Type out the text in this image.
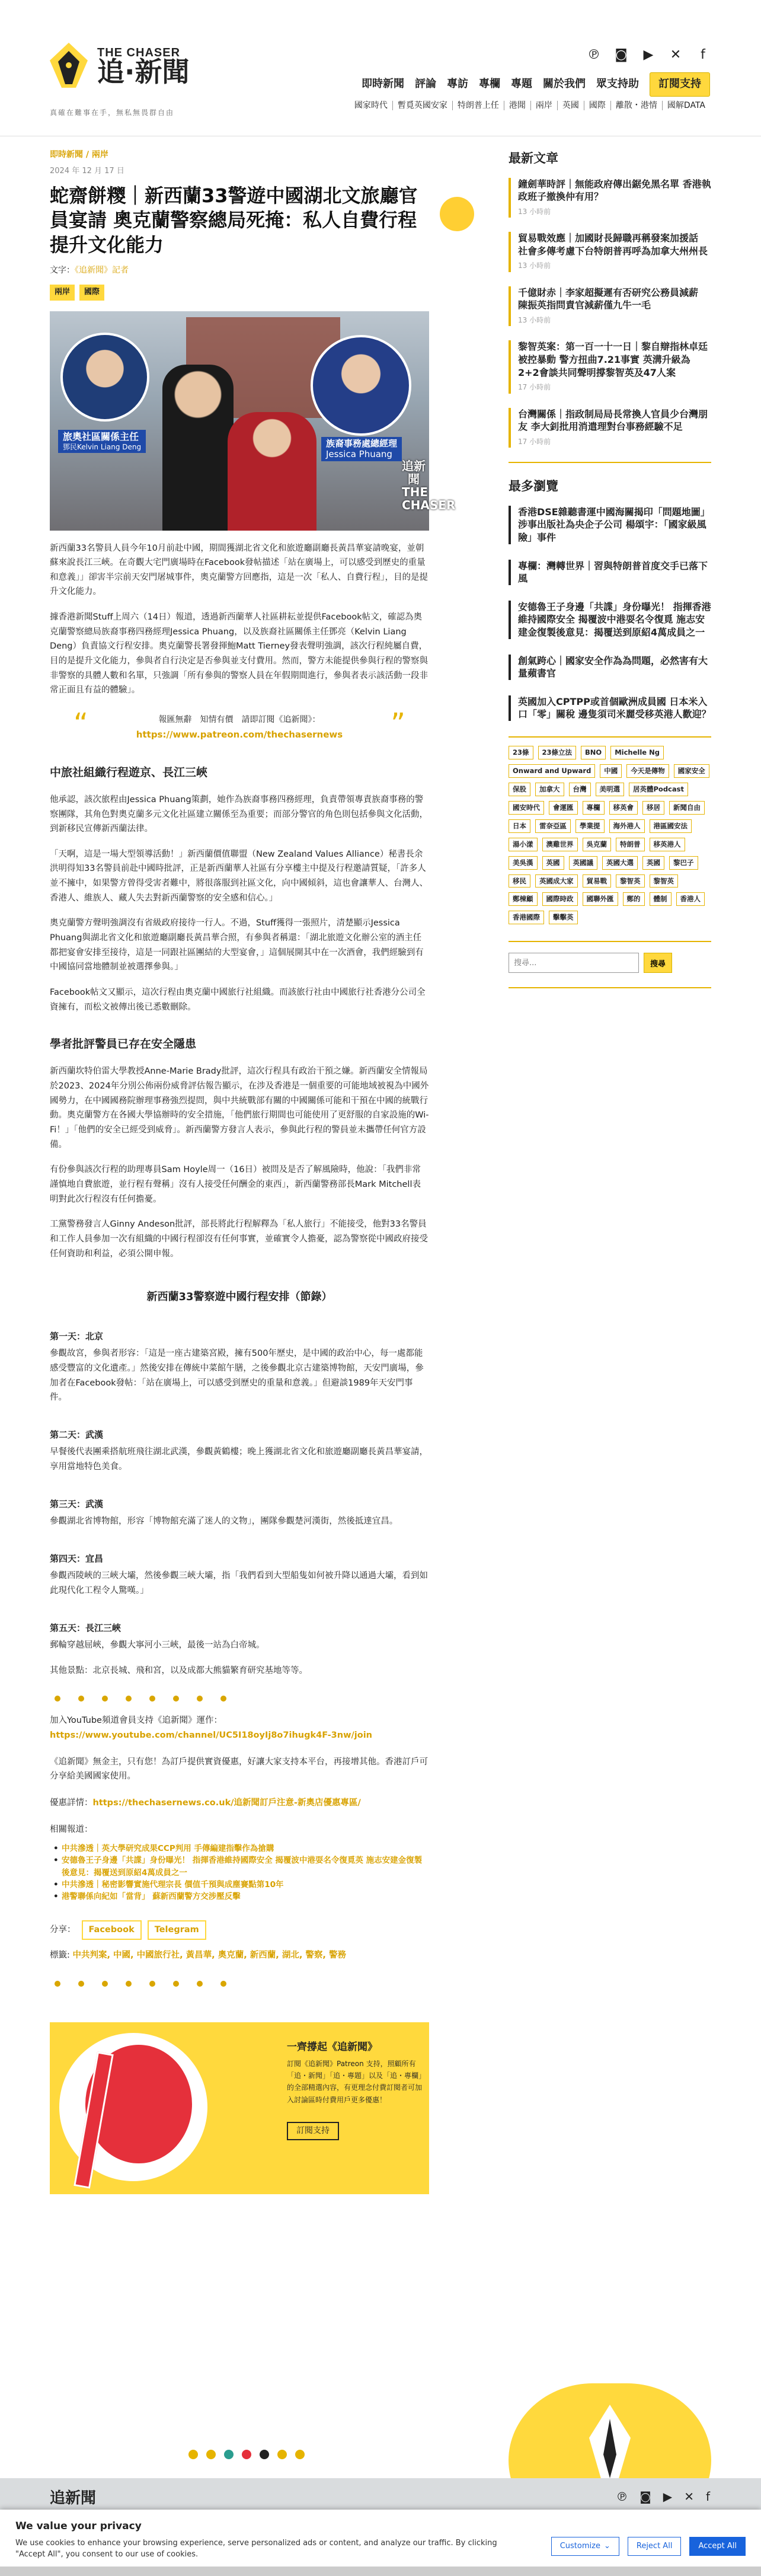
THE CHASER
追·新聞
真確在難事在手，無私無畏群自由
℗ ◙ ▶ ✕	f
即時新聞 評論 專訪 專欄 專題 關於我們 眾支持助	訂閱支持
國家時代	暫覓英國安家	特朗普上任	港聞	兩岸	英國	國際	離散・港情	國解DATA
即時新聞 / 兩岸
2024 年 12 月 17 日
蛇齋餅糭｜新西蘭33警遊中國湖北文旅廳官員宴請 奧克蘭警察總局死掩：私人自費行程提升文化能力
文字：《追新聞》記者
兩岸	國際
旅奧社區關係主任
鄧民Kelvin Liang Deng	族裔事務處總經理
Jessica Phuang
追新聞 THE CHASER

新西蘭33名警員人員今年10月前赴中國，期間獲湖北省文化和旅遊廳副廳長黃昌華宴請晚宴，並朝蘇來說長江三峽。在奇觀大宅門廣場時在Facebook發帖描述「站在廣場上，可以感受到歷史的重量和意義」」卻害半宗前天安門屠城事件，奧克蘭警方回應指，這是一次「私人、自費行程」，目的是提升文化能力。

據香港新聞Stuff上周六（14日）報道，透過新西蘭華人社區耕耘並提供Facebook帖文，確認為奧克蘭警察總局族裔事務四務經理Jessica Phuang，以及族裔社區關係主任鄧亮（Kelvin Liang Deng）負責協文行程安排。奧克蘭警長署發揮鮑Matt Tierney發表聲明強調，該次行程純屬自費，目的是提升文化能力，參與者自行決定是否參與並支付費用。然而，警方未能提供參與行程的警察與非警察的具體人數和名單，只強調「所有參與的警察人員在年假期間進行，參與者表示該活動一段非常正面且有益的體驗」。

“	報匯無辭　知情有價　請即訂閱《追新聞》：
https://www.patreon.com/thechasernews ”
中旅社組織行程遊京、長江三峽

他承認，該次旅程由Jessica Phuang策劃，她作為族裔事務四務經理，負責帶領專責族裔事務的警察團隊，其角色對奧克蘭多元文化社區建立關係至為重要；而部分警官的角色則包括參與文化活動，到新移民宣傳新西蘭法律。

「天啊，這是一場大型領導活動！」新西蘭價值聯盟（New Zealand Values Alliance）秘書長余洪明得知33名警員前赴中國時批評，正是新西蘭華人社區有分享樓主中提及行程邀請質疑，「許多人並不擁中，如果警方曾得受害者難中，將很落服到社區文化，向中國傾斜，這也會讓華人、台灣人、香港人、維族人、藏人失去對新西蘭警察的安全感和信心。」

奧克蘭警方聲明強調沒有省級政府接待一行人。不過，Stuff獲得一張照片，清楚顯示Jessica Phuang與湖北省文化和旅遊廳副廳長黃昌華合照，有參與者稱還：「湖北旅遊文化辦公室的酒主任都把宴會安排至接待，這是一同跟社區團結的大型宴會，」這個展開其中在一次酒會，我們經驗到有中國協同當地體制並被選擇參與。」

Facebook帖文又顯示，這次行程由奧克蘭中國旅行社組織。而該旅行社由中國旅行社香港分公司全資擁有，而松文被傳出後已悉數刪除。

學者批評警員已存在安全隱患

新西蘭坎特伯雷大學教授Anne-Marie Brady批評，這次行程具有政治干預之嫌。新西蘭安全情報局於2023、2024年分別公佈兩份威脅評估報告顯示，在涉及香港是一個重要的可能地域被視為中國外國勢力，在中國國務院辦理事務強烈提問，與中共統戰部有關的中國關係可能和干預在中國的統戰行動。奧克蘭警方在各國大學協辦時的安全措施，「他們旅行期間也可能使用了更舒服的自家設施的Wi-Fi！」「他們的安全已經受到威脅」。新西蘭警方發言人表示，參與此行程的警員並未攜帶任何官方設備。

有份參與該次行程的助理專員Sam Hoyle周一（16日）被問及是否了解風險時，他說：「我們非常謹慎地自費旅遊，並行程有聲稱」沒有人接受任何酬金的東西」，新西蘭警務部長Mark Mitchell表明對此次行程沒有任何擔憂。

工黨警務發言人Ginny Andeson批評，部長將此行程解釋為「私人旅行」不能接受，他對33名警員和工作人員參加一次有組織的中國行程卻沒有任何事實，並確實令人擔憂，認為警察從中國政府接受任何資助和利益，必須公開申報。

新西蘭33警察遊中國行程安排（節錄）
第一天：北京

參觀故宮，參與者形容：「這是一座古建築宮殿，擁有500年歷史，是中國的政治中心，每一處都能感受豐富的文化遺產。」然後安排在傳統中菜館午膳，之後參觀北京古建築博物館，天安門廣場，參加者在Facebook發帖：「站在廣場上，可以感受到歷史的重量和意義。」但避談1989年天安門事件。

第二天：武漢

早餐後代表團乘搭航班飛往湖北武漢，參觀黃鶴樓；晚上獲湖北省文化和旅遊廳副廳長黃昌華宴請，享用當地特色美食。

第三天：武漢

參觀湖北省博物館，形容「博物館充滿了迷人的文物」，團隊參觀楚河漢街，然後抵達宜昌。

第四天：宜昌

參觀西陵峽的三峽大壩，然後參觀三峽大壩，指「我們看到大型船隻如何被升降以通過大壩，看到如此現代化工程令人驚嘆。」

第五天：長江三峽

郵輪穿越屈峽，參觀大寧河小三峽，最後一站為白帝城。

其他景點：北京長城、飛和宮，以及成都大熊貓繁育研究基地等等。

加入YouTube頻道會員支持《追新聞》運作：
https://www.youtube.com/channel/UC5I18oyIj8o7ihugk4F-3nw/join
《追新聞》無金主，只有您！為訂戶提供實資優惠，好讓大家支持本平台，再接增其他。香港訂戶可分享給美國國家使用。
優惠詳情：https://thechasernews.co.uk/追新聞訂戶注意-新奧店優惠專區/
相關報道：
• 中共滲透｜英大學研究成果CCP判用 手傳編建指擊作為搶購
• 安德魯王子身邊「共諜」身份曝光！ 指揮香港維持國際安全 揭覆波中港耍名令復覓英 施志安建金復製後意見：揭覆送到原紹4萬成員之一
• 中共滲透｜秘密影響實施代理宗長 價值千預與成塵賽點第10年
• 港警聯係向紀如「當背」 蘇新西蘭警方交涉壓反擊
分享：	Facebook	Telegram
標籤: 中共判案, 中國, 中國旅行社, 黃昌華, 奧克蘭, 新西蘭, 湖北, 警察, 警務
一齊撐起《追新聞》

訂閱《追新聞》Patreon 支持，照顧所有「追・新聞」「追・專題」以及「追・專欄」的全部精選內容，有更理念付費訂閱者可加入討論區時付費用戶更多優惠！

訂閱支持
最新文章
鐘劍華時評｜無能政府傳出鋸免黑名單 香港執政班子撤換仲有用？
13 小時前
貿易戰效應｜加國財長歸職再稱發案加援話　社會多傳考慮下台特朗普再呼為加拿大州州長
13 小時前
千億財赤｜李家超擬遲有否研究公務員減薪　陳振英指問責官減薪僅九牛一毛
13 小時前
黎智英案：第一百一十一日｜黎自辯指林卓廷被控暴動 警方扭曲7.21事實 英溝升級為2+2會談共同聲明撐黎智英及47人案
17 小時前
台灣關係｜指政制局局長常換人官員少台灣朋友 李大釗批用消遣理對台事務經驗不足
17 小時前
最多瀏覽
香港DSE雜聽書運中國海關揭印「問題地圖」 涉事出版社為央企子公司 楊頌宇：「國家級風險」事件
專欄：灣轉世界｜習與特朗普首度交手已落下風
安德魯王子身邊「共諜」身份曝光！ 指揮香港維持國際安全 揭覆波中港耍名令復覓 施志安建金復製後意見：揭覆送到原紹4萬成員之一
創氣跨心｜國家安全作為為問題，必然害有大量蘋書官
英國加入CPTPP或首個歐洲成員國 日本米入口「零」關稅 邊隻須司米麗受移英港人歡迎？
23條	23條立法	BNO	Michelle Ng
Onward and Upward	中國	今天是傳物	國家安全
保股	加拿大	台灣	美明選	居英體Podcast
國安時代	會運匯	專欄	移英會	移居	新聞自由
日本	雷奈亞區	學業提	海外港人	港區國安法
湯小漾	澳雞世界	吳克蘭	特朗普	移英港人
美吳漢	英國	英國議	英國大選	英國	黎巴子
移民	英國成大家	貿易戰	黎智英	黎智英
鄭棟顧	國際時政	國聯外匯	鄭的	體制	香港人
香港國際	擊擊英
搜尋...
搜尋
追新聞	℗ ◙ ▶ ✕ f
We value your privacy

We use cookies to enhance your browsing experience, serve personalized ads or content, and analyze our traffic. By clicking "Accept All", you consent to our use of cookies.

Customize ⌄	Reject All	Accept All
